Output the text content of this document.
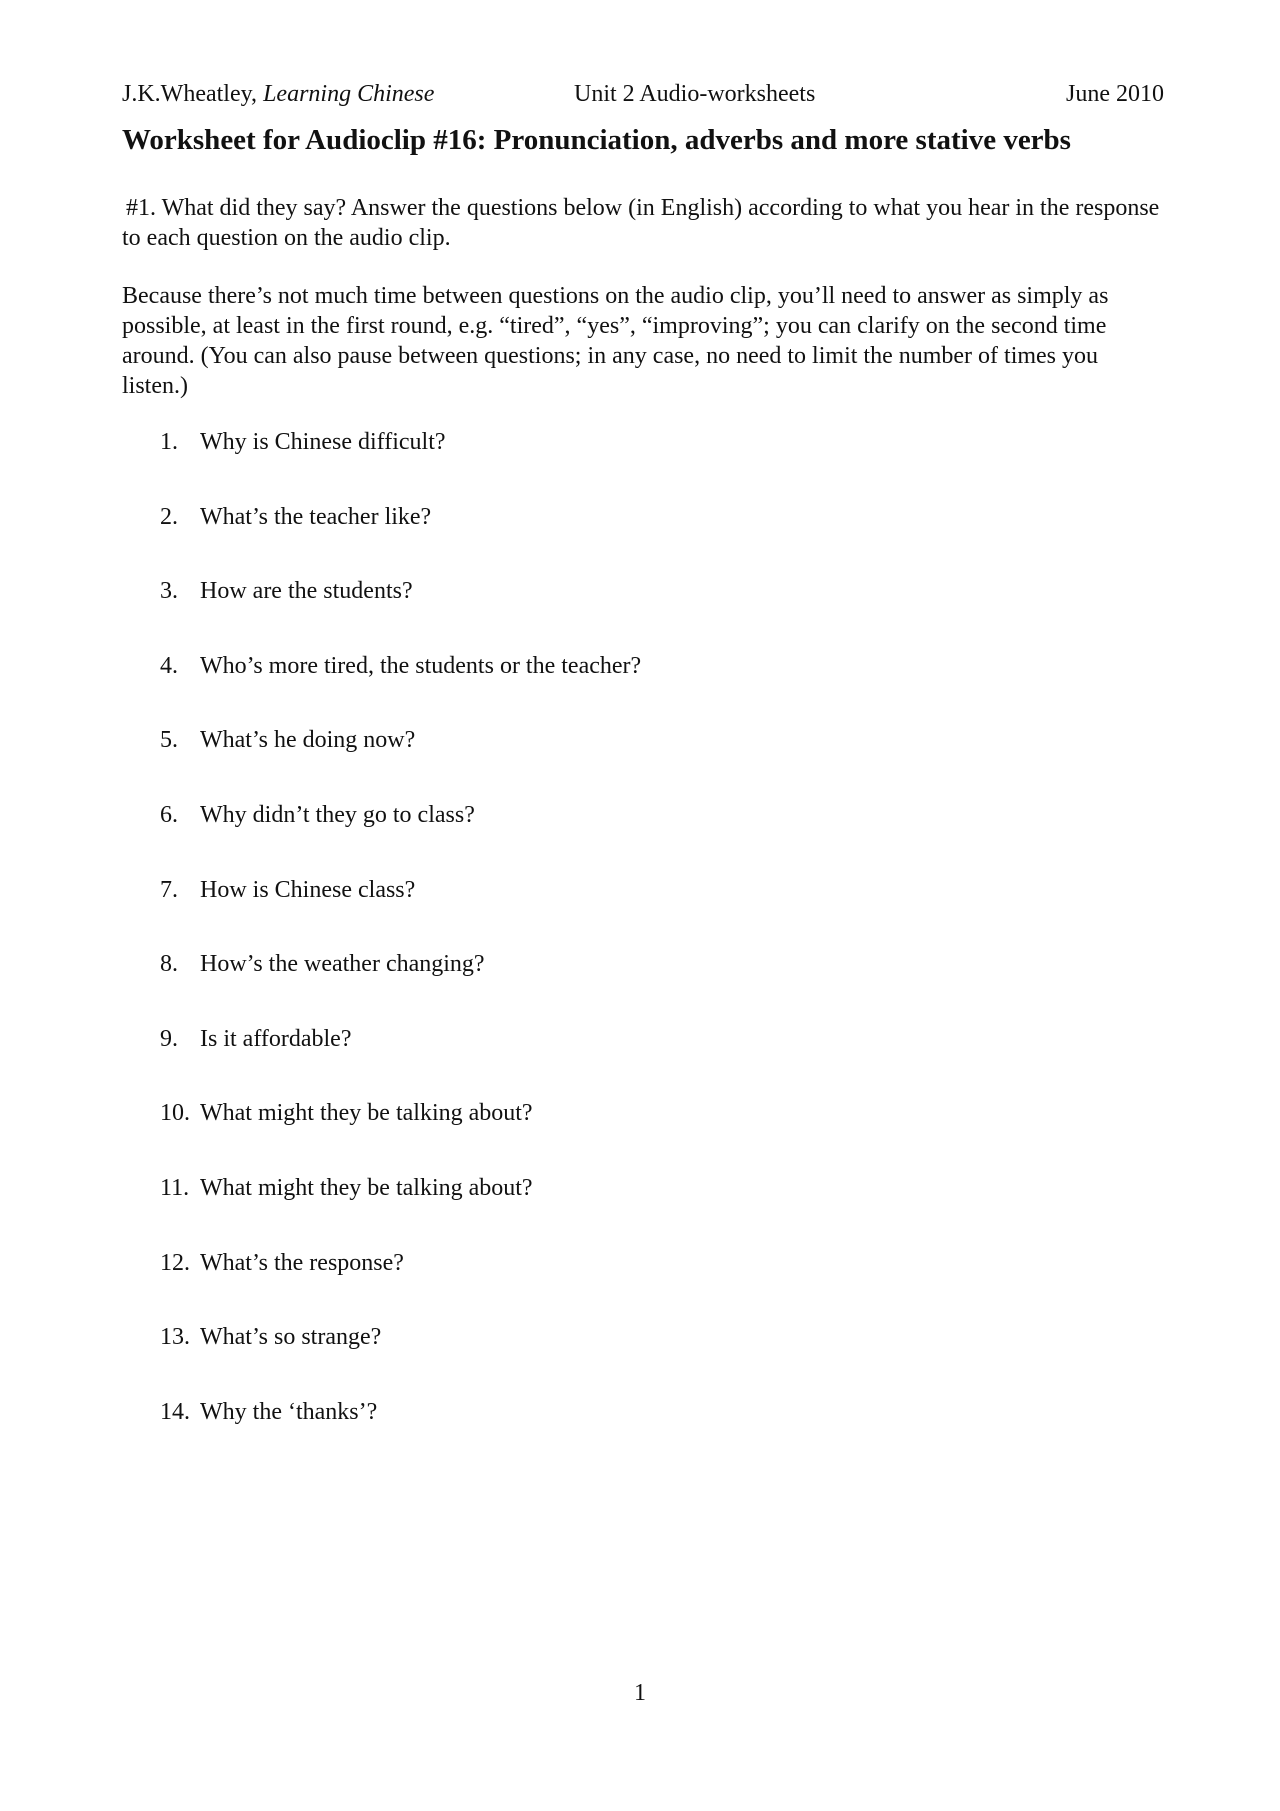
J.K.Wheatley, Learning Chinese	Unit 2 Audio-worksheets	June 2010
Worksheet for Audioclip #16: Pronunciation, adverbs and more stative verbs

#1. What did they say? Answer the questions below (in English) according to what you hear in the response to each question on the audio clip.

Because there’s not much time between questions on the audio clip, you’ll need to answer as simply as possible, at least in the first round, e.g. “tired”, “yes”, “improving”; you can clarify on the second time around. (You can also pause between questions; in any case, no need to limit the number of times you listen.)

1. Why is Chinese difficult?
2. What’s the teacher like?
3. How are the students?
4. Who’s more tired, the students or the teacher?
5. What’s he doing now?
6. Why didn’t they go to class?
7. How is Chinese class?
8. How’s the weather changing?
9. Is it affordable?
10. What might they be talking about?
11. What might they be talking about?
12. What’s the response?
13. What’s so strange?
14. Why the ‘thanks’?
1
